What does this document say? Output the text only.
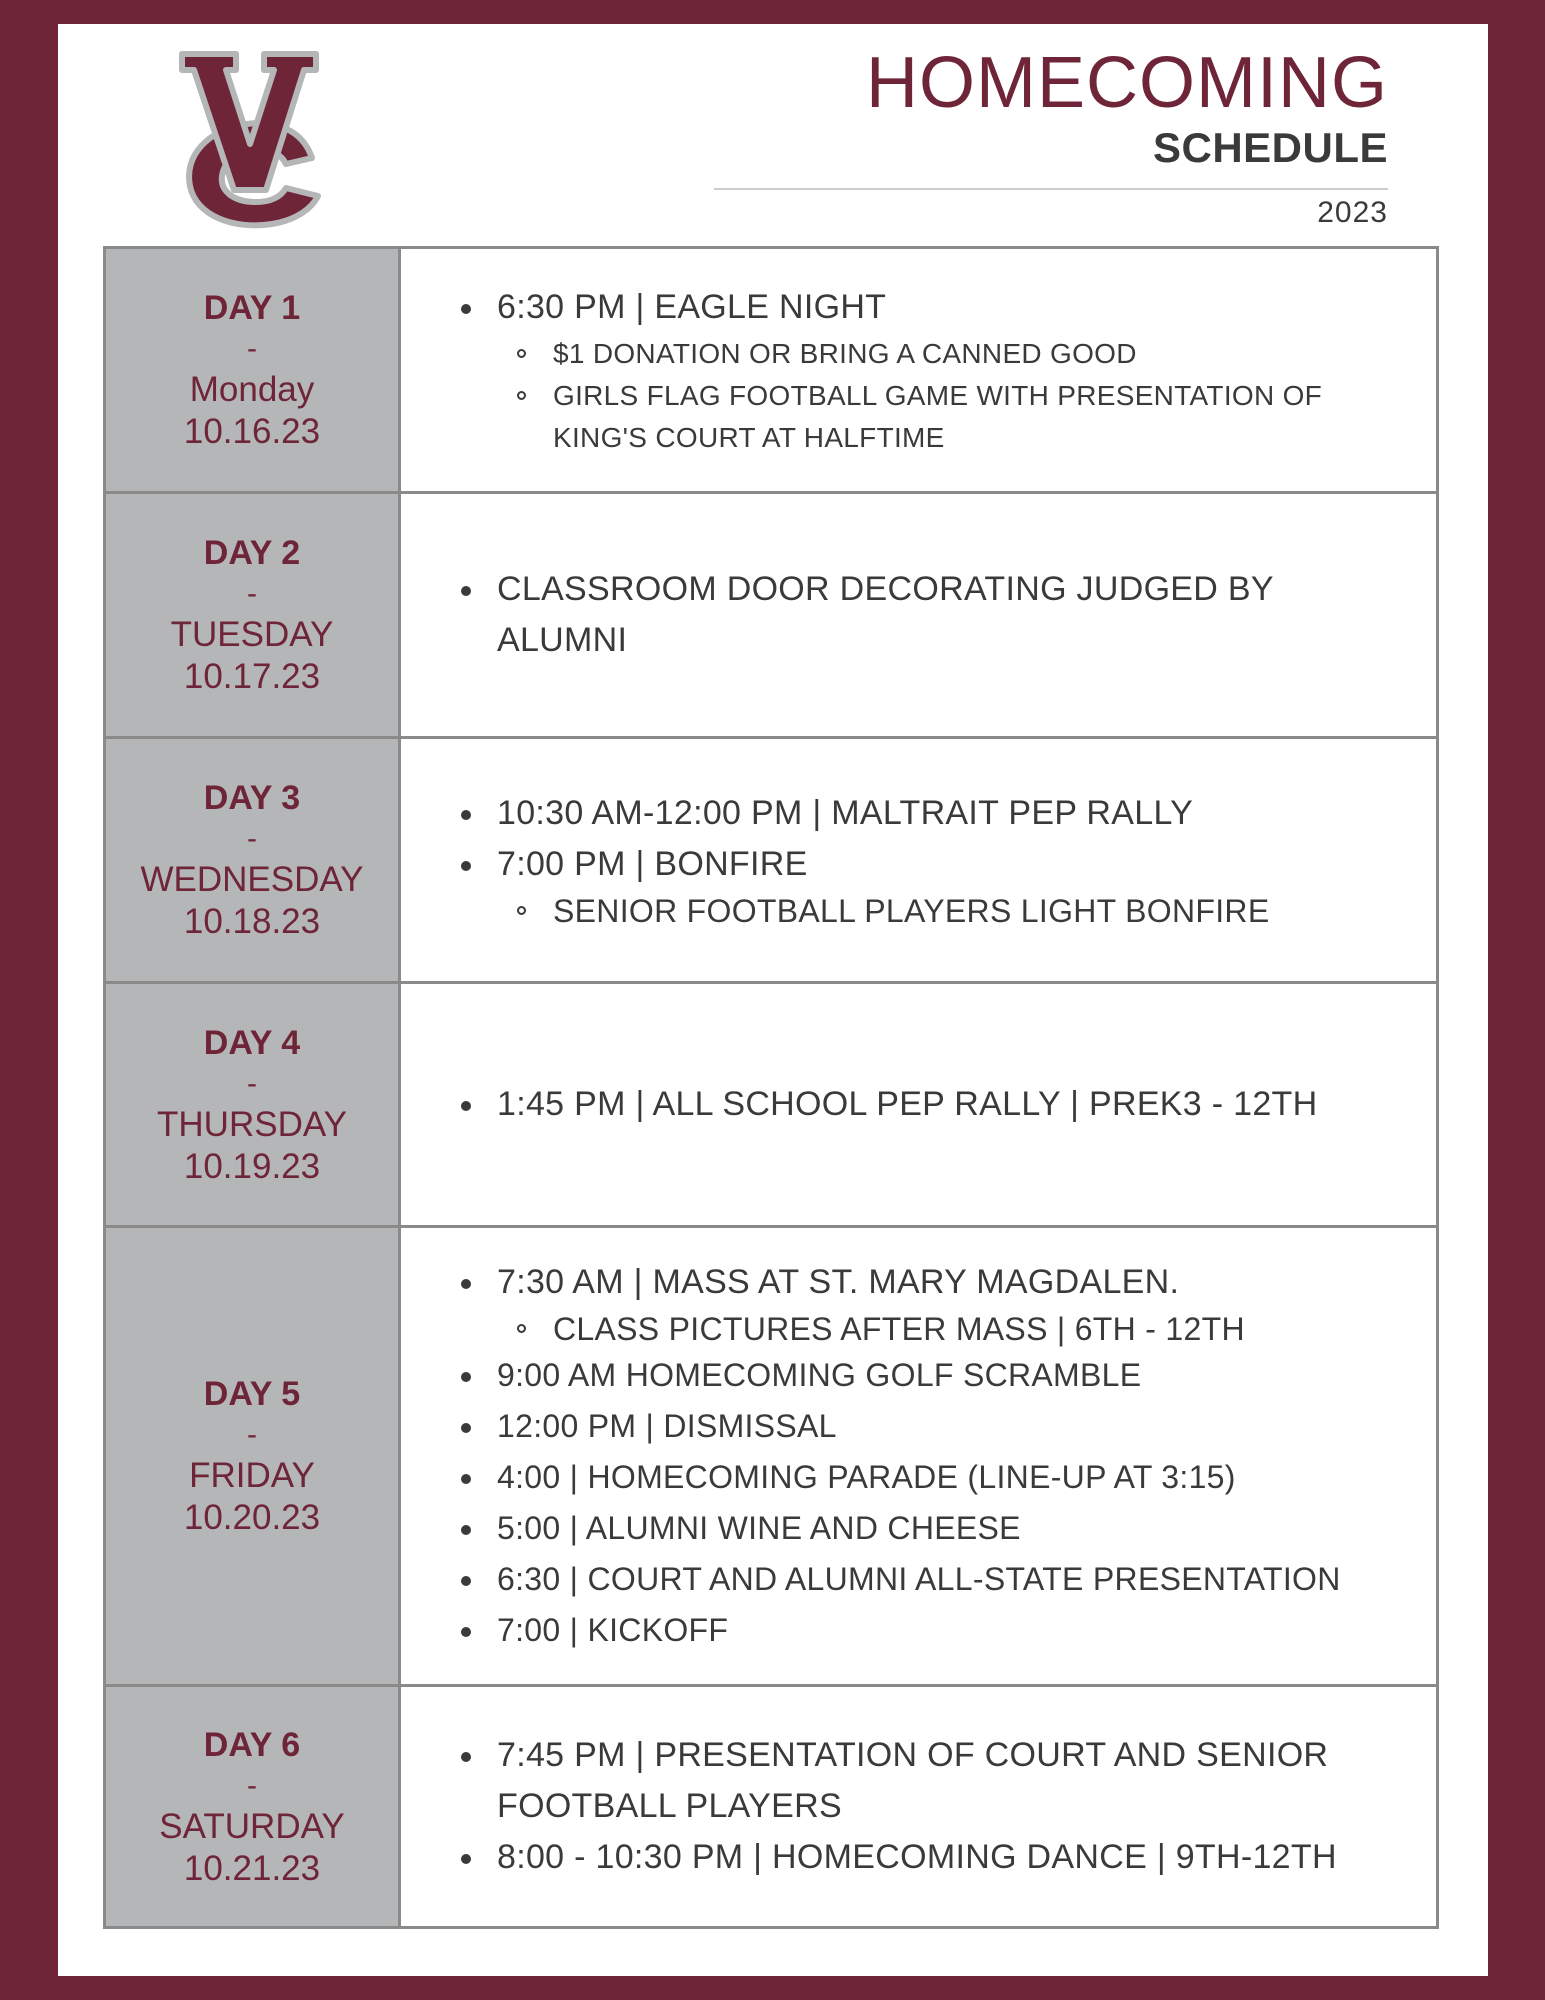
HOMECOMING
SCHEDULE
2023
DAY 1
-
Monday
10.16.23
6:30 PM | EAGLE NIGHT
$1 DONATION OR BRING A CANNED GOOD
GIRLS FLAG FOOTBALL GAME WITH PRESENTATION OF KING'S COURT AT HALFTIME
DAY 2
-
TUESDAY
10.17.23
CLASSROOM DOOR DECORATING JUDGED BY ALUMNI
DAY 3
-
WEDNESDAY
10.18.23
10:30 AM-12:00 PM | MALTRAIT PEP RALLY
7:00 PM | BONFIRE
SENIOR FOOTBALL PLAYERS LIGHT BONFIRE
DAY 4
-
THURSDAY
10.19.23
1:45 PM | ALL SCHOOL PEP RALLY | PREK3 - 12TH
DAY 5
-
FRIDAY
10.20.23
7:30 AM | MASS AT ST. MARY MAGDALEN.
CLASS PICTURES AFTER MASS | 6TH - 12TH
9:00 AM HOMECOMING GOLF SCRAMBLE
12:00 PM | DISMISSAL
4:00 | HOMECOMING PARADE (LINE-UP AT 3:15)
5:00 | ALUMNI WINE AND CHEESE
6:30 | COURT AND ALUMNI ALL-STATE PRESENTATION
7:00 | KICKOFF
DAY 6
-
SATURDAY
10.21.23
7:45 PM | PRESENTATION OF COURT AND SENIOR FOOTBALL PLAYERS
8:00 - 10:30 PM | HOMECOMING DANCE | 9TH-12TH
